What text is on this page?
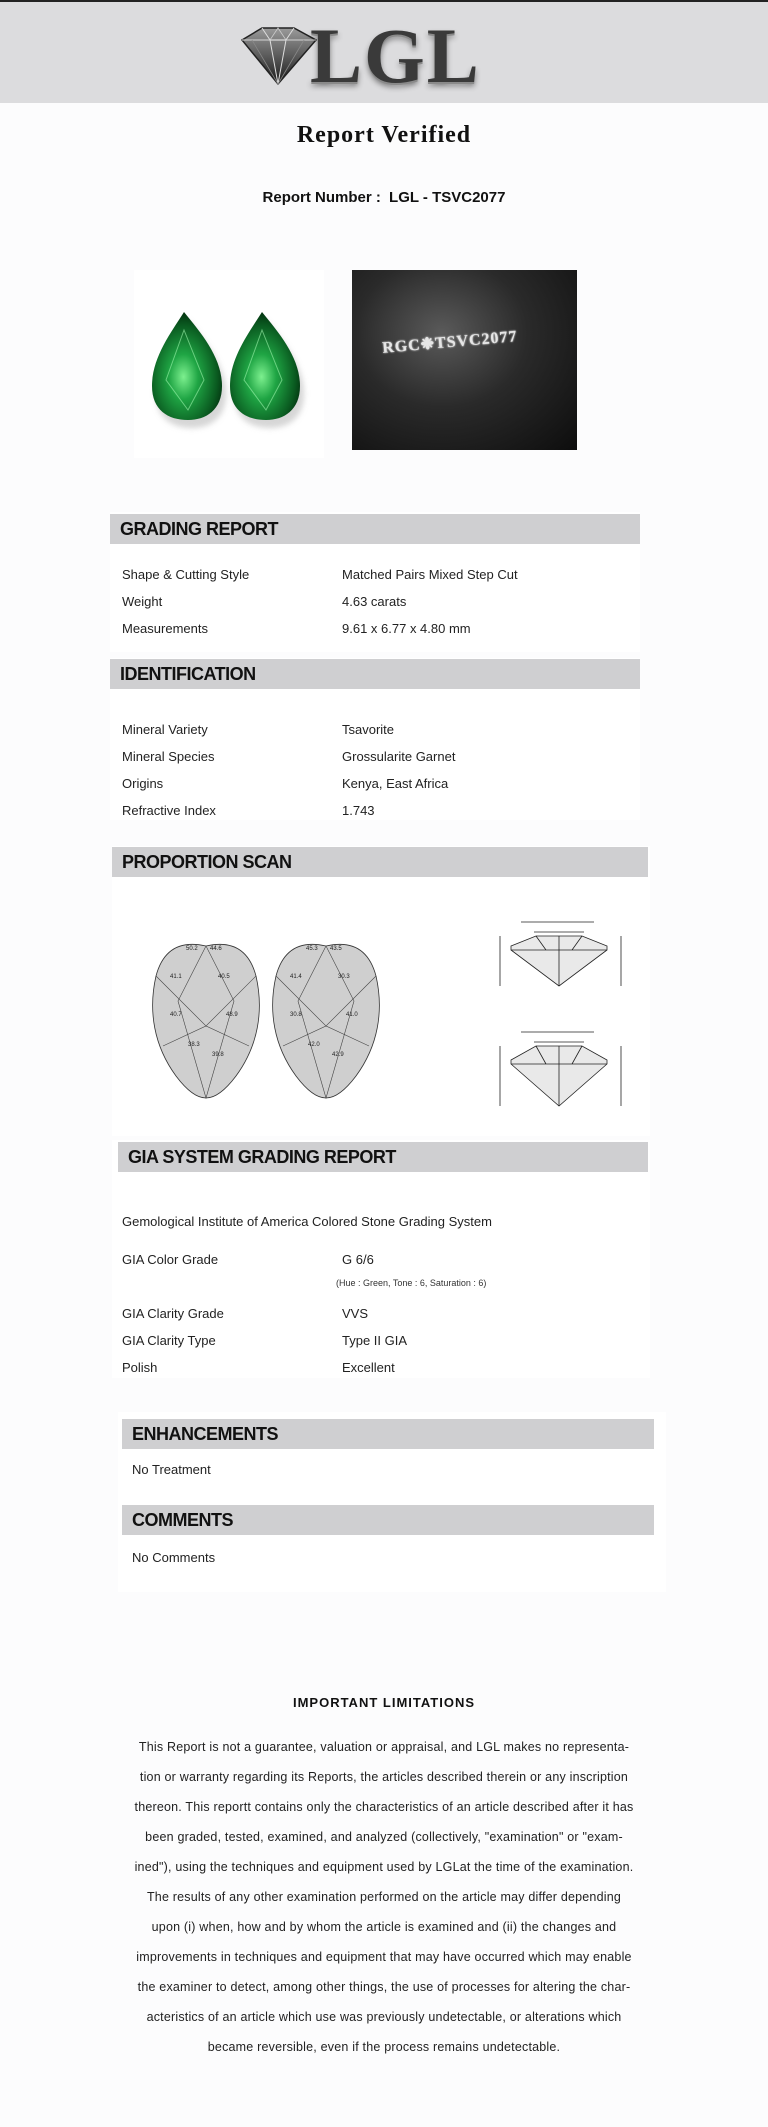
LGL
Report Verified
Report Number : LGL - TSVC2077
RGC❉TSVC2077
GRADING REPORT
Shape & Cutting Style	Matched Pairs Mixed Step Cut
Weight	4.63 carats
Measurements	9.61 x 6.77 x 4.80 mm
IDENTIFICATION
Mineral Variety	Tsavorite
Mineral Species	Grossularite Garnet
Origins	Kenya, East Africa
Refractive Index	1.743
PROPORTION SCAN
41.1
40.7
38.3
40.5
48.9
39.8
50.2 44.6
41.4
30.8
42.0
30.3
41.0
42.9
45.3 43.5
GIA SYSTEM GRADING REPORT
Gemological Institute of America Colored Stone Grading System
GIA Color Grade	G 6/6
(Hue : Green, Tone : 6, Saturation : 6)
GIA Clarity Grade	VVS
GIA Clarity Type	Type II GIA
Polish	Excellent
ENHANCEMENTS
No Treatment
COMMENTS
No Comments
IMPORTANT LIMITATIONS
This Report is not a guarantee, valuation or appraisal, and LGL makes no representa-
tion or warranty regarding its Reports, the articles described therein or any inscription
thereon. This reportt contains only the characteristics of an article described after it has
been graded, tested, examined, and analyzed (collectively, "examination" or "exam-
ined"), using the techniques and equipment used by LGLat the time of the examination.
The results of any other examination performed on the article may differ depending
upon (i) when, how and by whom the article is examined and (ii) the changes and
improvements in techniques and equipment that may have occurred which may enable
the examiner to detect, among other things, the use of processes for altering the char-
acteristics of an article which use was previously undetectable, or alterations which
became reversible, even if the process remains undetectable.
